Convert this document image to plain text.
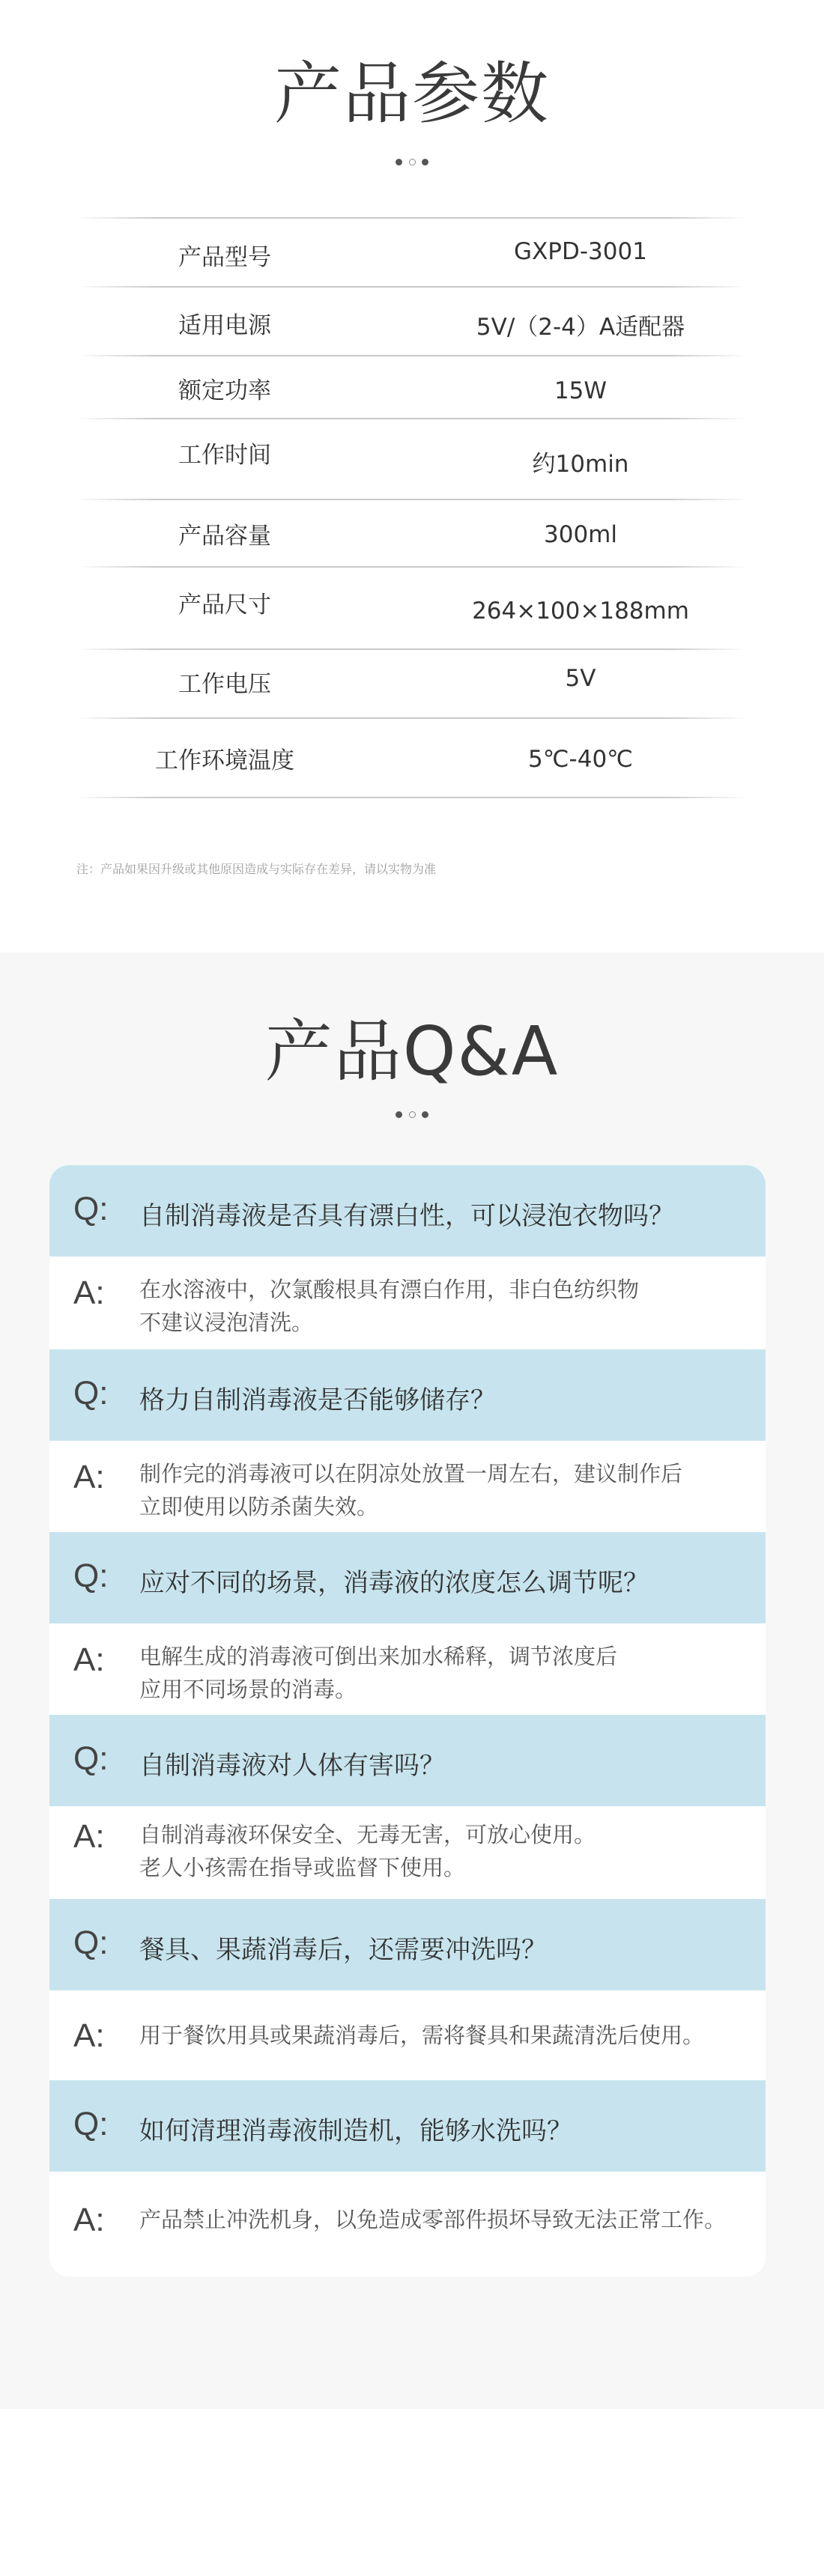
产品参数
产品型号	GXPD-3001
适用电源	5V/（2-4）A适配器
额定功率	15W
工作时间	约10min
产品容量	300ml
产品尺寸	264×100×188mm
工作电压	5V
工作环境温度	5℃-40℃
注：产品如果因升级或其他原因造成与实际存在差异，请以实物为准
产品Q&A
Q: 自制消毒液是否具有漂白性，可以浸泡衣物吗？
A: 在水溶液中，次氯酸根具有漂白作用，非白色纺织物
不建议浸泡清洗。
Q: 格力自制消毒液是否能够储存？
A: 制作完的消毒液可以在阴凉处放置一周左右，建议制作后
立即使用以防杀菌失效。
Q: 应对不同的场景，消毒液的浓度怎么调节呢？
A: 电解生成的消毒液可倒出来加水稀释，调节浓度后
应用不同场景的消毒。
Q: 自制消毒液对人体有害吗？
A: 自制消毒液环保安全、无毒无害，可放心使用。
老人小孩需在指导或监督下使用。
Q: 餐具、果蔬消毒后，还需要冲洗吗？
A: 用于餐饮用具或果蔬消毒后，需将餐具和果蔬清洗后使用。
Q: 如何清理消毒液制造机，能够水洗吗？
A: 产品禁止冲洗机身，以免造成零部件损坏导致无法正常工作。
